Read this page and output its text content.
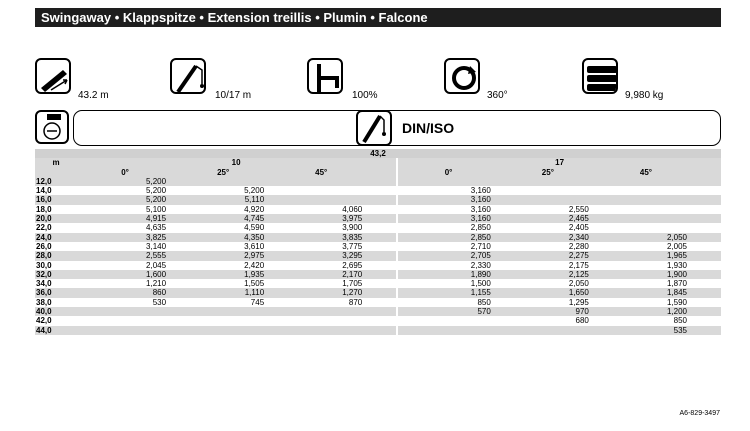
Swingaway • Klappspitze • Extension treillis • Plumin • Falcone
43.2 m	10/17 m	100%	360°	9,980 kg
DIN/ISO
43,2								
m	10				17			
	0°	25°	45°		0°	25°	45°	
12,0	5,200							
14,0	5,200	5,200			3,160			
16,0	5,200	5,110			3,160			
18,0	5,100	4,920	4,060		3,160	2,550		
20,0	4,915	4,745	3,975		3,160	2,465		
22,0	4,635	4,590	3,900		2,850	2,405		
24,0	3,825	4,350	3,835		2,850	2,340	2,050	
26,0	3,140	3,610	3,775		2,710	2,280	2,005	
28,0	2,555	2,975	3,295		2,705	2,275	1,965	
30,0	2,045	2,420	2,695		2,330	2,175	1,930	
32,0	1,600	1,935	2,170		1,890	2,125	1,900	
34,0	1,210	1,505	1,705		1,500	2,050	1,870	
36,0	860	1,110	1,270		1,155	1,650	1,845	
38,0	530	745	870		850	1,295	1,590	
40,0					570	970	1,200	
42,0						680	850	
44,0							535	
A6-829-3497
